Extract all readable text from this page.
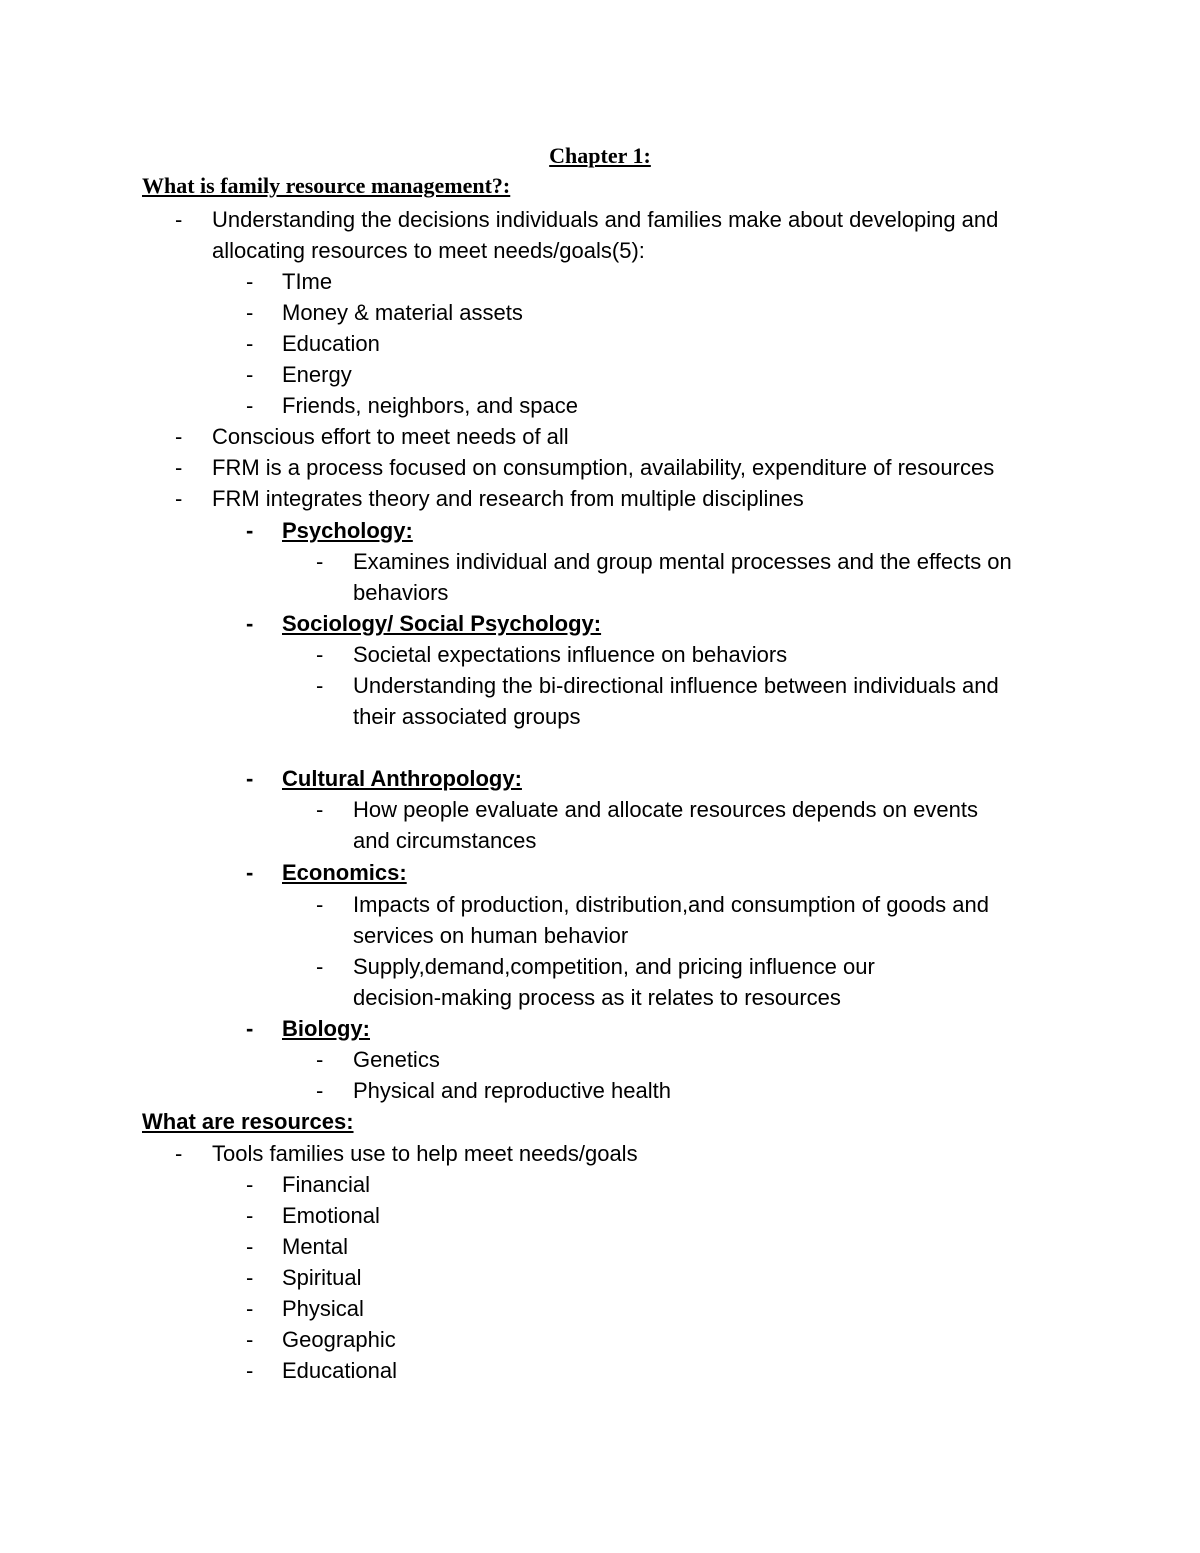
Chapter 1:
What is family resource management?:
- Understanding the decisions individuals and families make about developing and
allocating resources to meet needs/goals(5):
- TIme
- Money & material assets
- Education
- Energy
- Friends, neighbors, and space
- Conscious effort to meet needs of all
- FRM is a process focused on consumption, availability, expenditure of resources
- FRM integrates theory and research from multiple disciplines
- Psychology:
- Examines individual and group mental processes and the effects on
behaviors
- Sociology/ Social Psychology:
- Societal expectations influence on behaviors
- Understanding the bi-directional influence between individuals and
their associated groups
- Cultural Anthropology:
- How people evaluate and allocate resources depends on events
and circumstances
- Economics:
- Impacts of production, distribution,and consumption of goods and
services on human behavior
- Supply,demand,competition, and pricing influence our
decision-making process as it relates to resources
- Biology:
- Genetics
- Physical and reproductive health
What are resources:
- Tools families use to help meet needs/goals
- Financial
- Emotional
- Mental
- Spiritual
- Physical
- Geographic
- Educational
